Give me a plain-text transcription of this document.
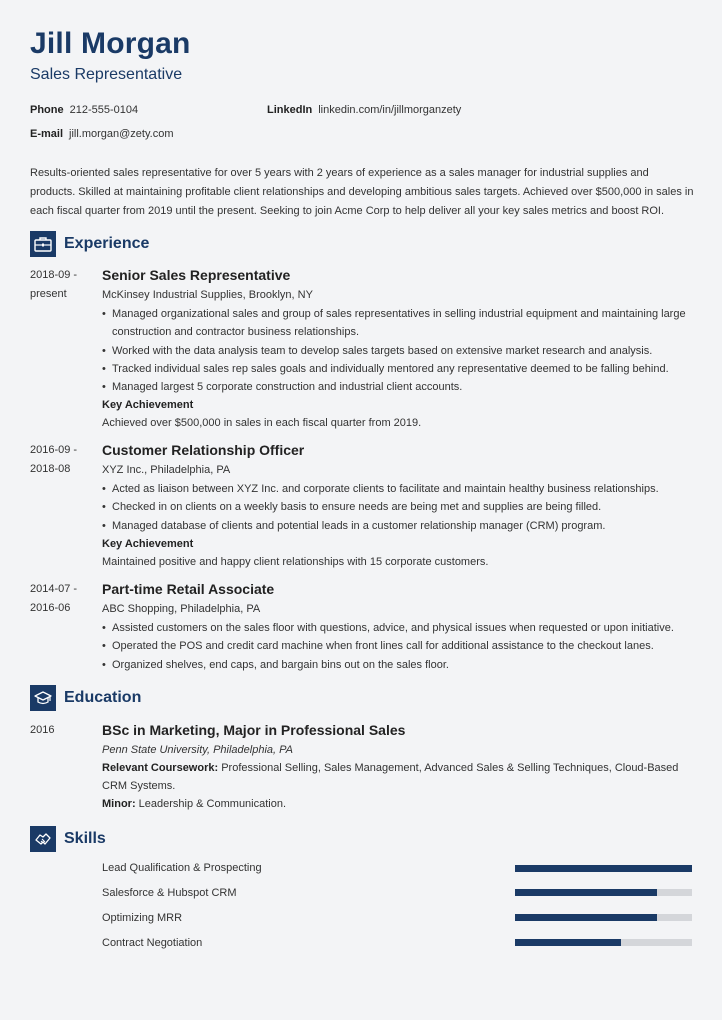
Jill Morgan
Sales Representative
Phone 212-555-0104	LinkedIn linkedin.com/in/jillmorganzety
E-mail jill.morgan@zety.com

Results-oriented sales representative for over 5 years with 2 years of experience as a sales manager for industrial supplies and products. Skilled at maintaining profitable client relationships and developing ambitious sales targets. Achieved over $500,000 in sales in each fiscal quarter from 2019 until the present. Seeking to join Acme Corp to help deliver all your key sales metrics and boost ROI.

Experience
2018-09 -
present
Senior Sales Representative
McKinsey Industrial Supplies, Brooklyn, NY
• Managed organizational sales and group of sales representatives in selling industrial equipment and maintaining large construction and contractor business relationships.
• Worked with the data analysis team to develop sales targets based on extensive market research and analysis.
• Tracked individual sales rep sales goals and individually mentored any representative deemed to be falling behind.
• Managed largest 5 corporate construction and industrial client accounts.
Key Achievement
Achieved over $500,000 in sales in each fiscal quarter from 2019.
2016-09 -
2018-08
Customer Relationship Officer
XYZ Inc., Philadelphia, PA
• Acted as liaison between XYZ Inc. and corporate clients to facilitate and maintain healthy business relationships.
• Checked in on clients on a weekly basis to ensure needs are being met and supplies are being filled.
• Managed database of clients and potential leads in a customer relationship manager (CRM) program.
Key Achievement
Maintained positive and happy client relationships with 15 corporate customers.
2014-07 -
2016-06
Part-time Retail Associate
ABC Shopping, Philadelphia, PA
• Assisted customers on the sales floor with questions, advice, and physical issues when requested or upon initiative.
• Operated the POS and credit card machine when front lines call for additional assistance to the checkout lanes.
• Organized shelves, end caps, and bargain bins out on the sales floor.
Education
2016	BSc in Marketing, Major in Professional Sales
Penn State University, Philadelphia, PA
Relevant Coursework: Professional Selling, Sales Management, Advanced Sales & Selling Techniques, Cloud-Based CRM Systems.
Minor: Leadership & Communication.
Skills
Lead Qualification & Prospecting
Salesforce & Hubspot CRM
Optimizing MRR
Contract Negotiation
